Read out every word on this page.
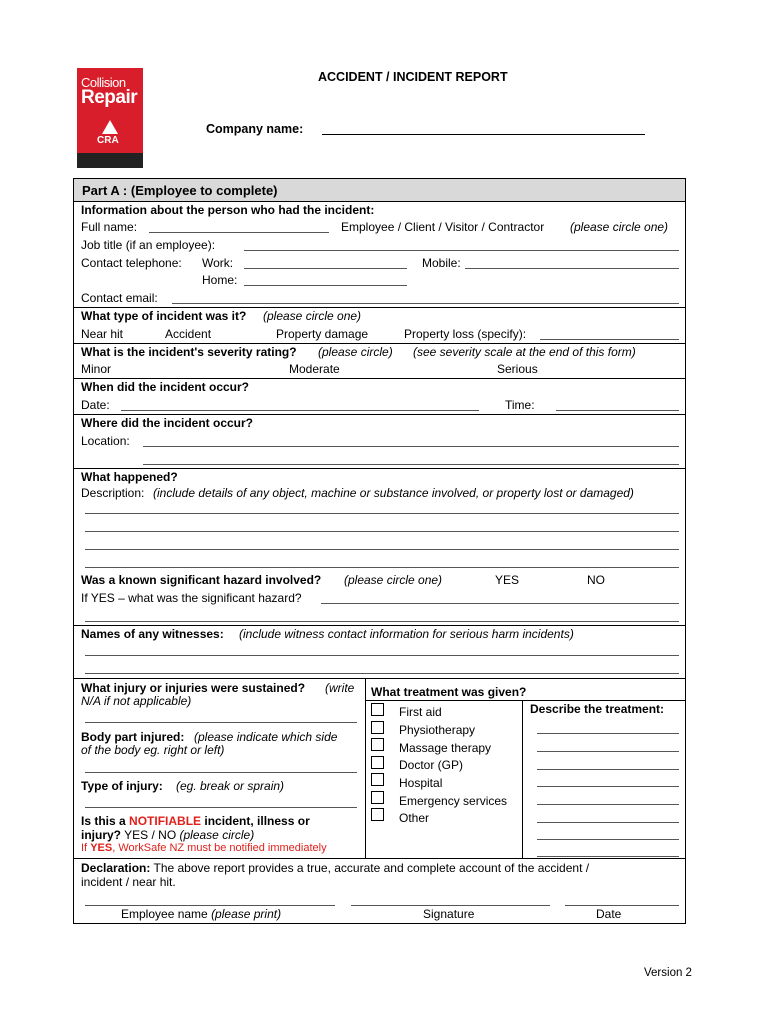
Collision
Repair
CRA
ACCIDENT / INCIDENT REPORT
Company name:
Part A : (Employee to complete)
Information about the person who had the incident:
Full name:	Employee / Client / Visitor / Contractor (please circle one)
Job title (if an employee):
Contact telephone: Work:	Mobile:
Home:
Contact email:
What type of incident was it? (please circle one)
Near hit	Accident	Property damage	Property loss (specify):
What is the incident's severity rating? (please circle) (see severity scale at the end of this form)
Minor	Moderate	Serious
When did the incident occur?
Date:	Time:
Where did the incident occur?
Location:
What happened?
Description: (include details of any object, machine or substance involved, or property lost or damaged)
Was a known significant hazard involved? (please circle one)	YES	NO
If YES – what was the significant hazard?
Names of any witnesses: (include witness contact information for serious harm incidents)
What injury or injuries were sustained? (write
N/A if not applicable)
Body part injured: (please indicate which side
of the body eg. right or left)
Type of injury: (eg. break or sprain)
Is this a NOTIFIABLE incident, illness or
injury? YES / NO (please circle)
If YES, WorkSafe NZ must be notified immediately
What treatment was given?
Describe the treatment:
First aid
Physiotherapy
Massage therapy
Doctor (GP)
Hospital
Emergency services
Other
Declaration: The above report provides a true, accurate and complete account of the accident /
incident / near hit.
Employee name (please print)	Signature	Date
Version 2
